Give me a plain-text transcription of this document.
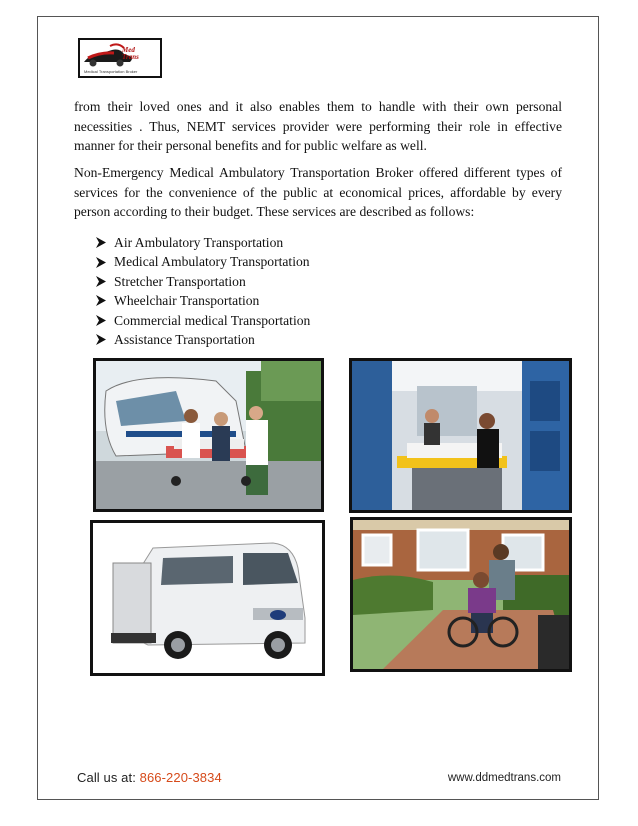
Med
Trans
Medical Transportation Broker

from their loved ones and it also enables them to handle with their own personal necessities . Thus, NEMT services provider were performing their role in effective manner for their personal benefits and for public welfare as well.

Non-Emergency Medical Ambulatory Transportation Broker offered different types of services for the convenience of the public at economical prices, affordable by every person according to their budget. These services are described as follows:

Air Ambulatory Transportation
Medical Ambulatory Transportation
Stretcher Transportation
Wheelchair Transportation
Commercial medical Transportation
Assistance Transportation
Call us at: 866-220-3834	www.ddmedtrans.com
